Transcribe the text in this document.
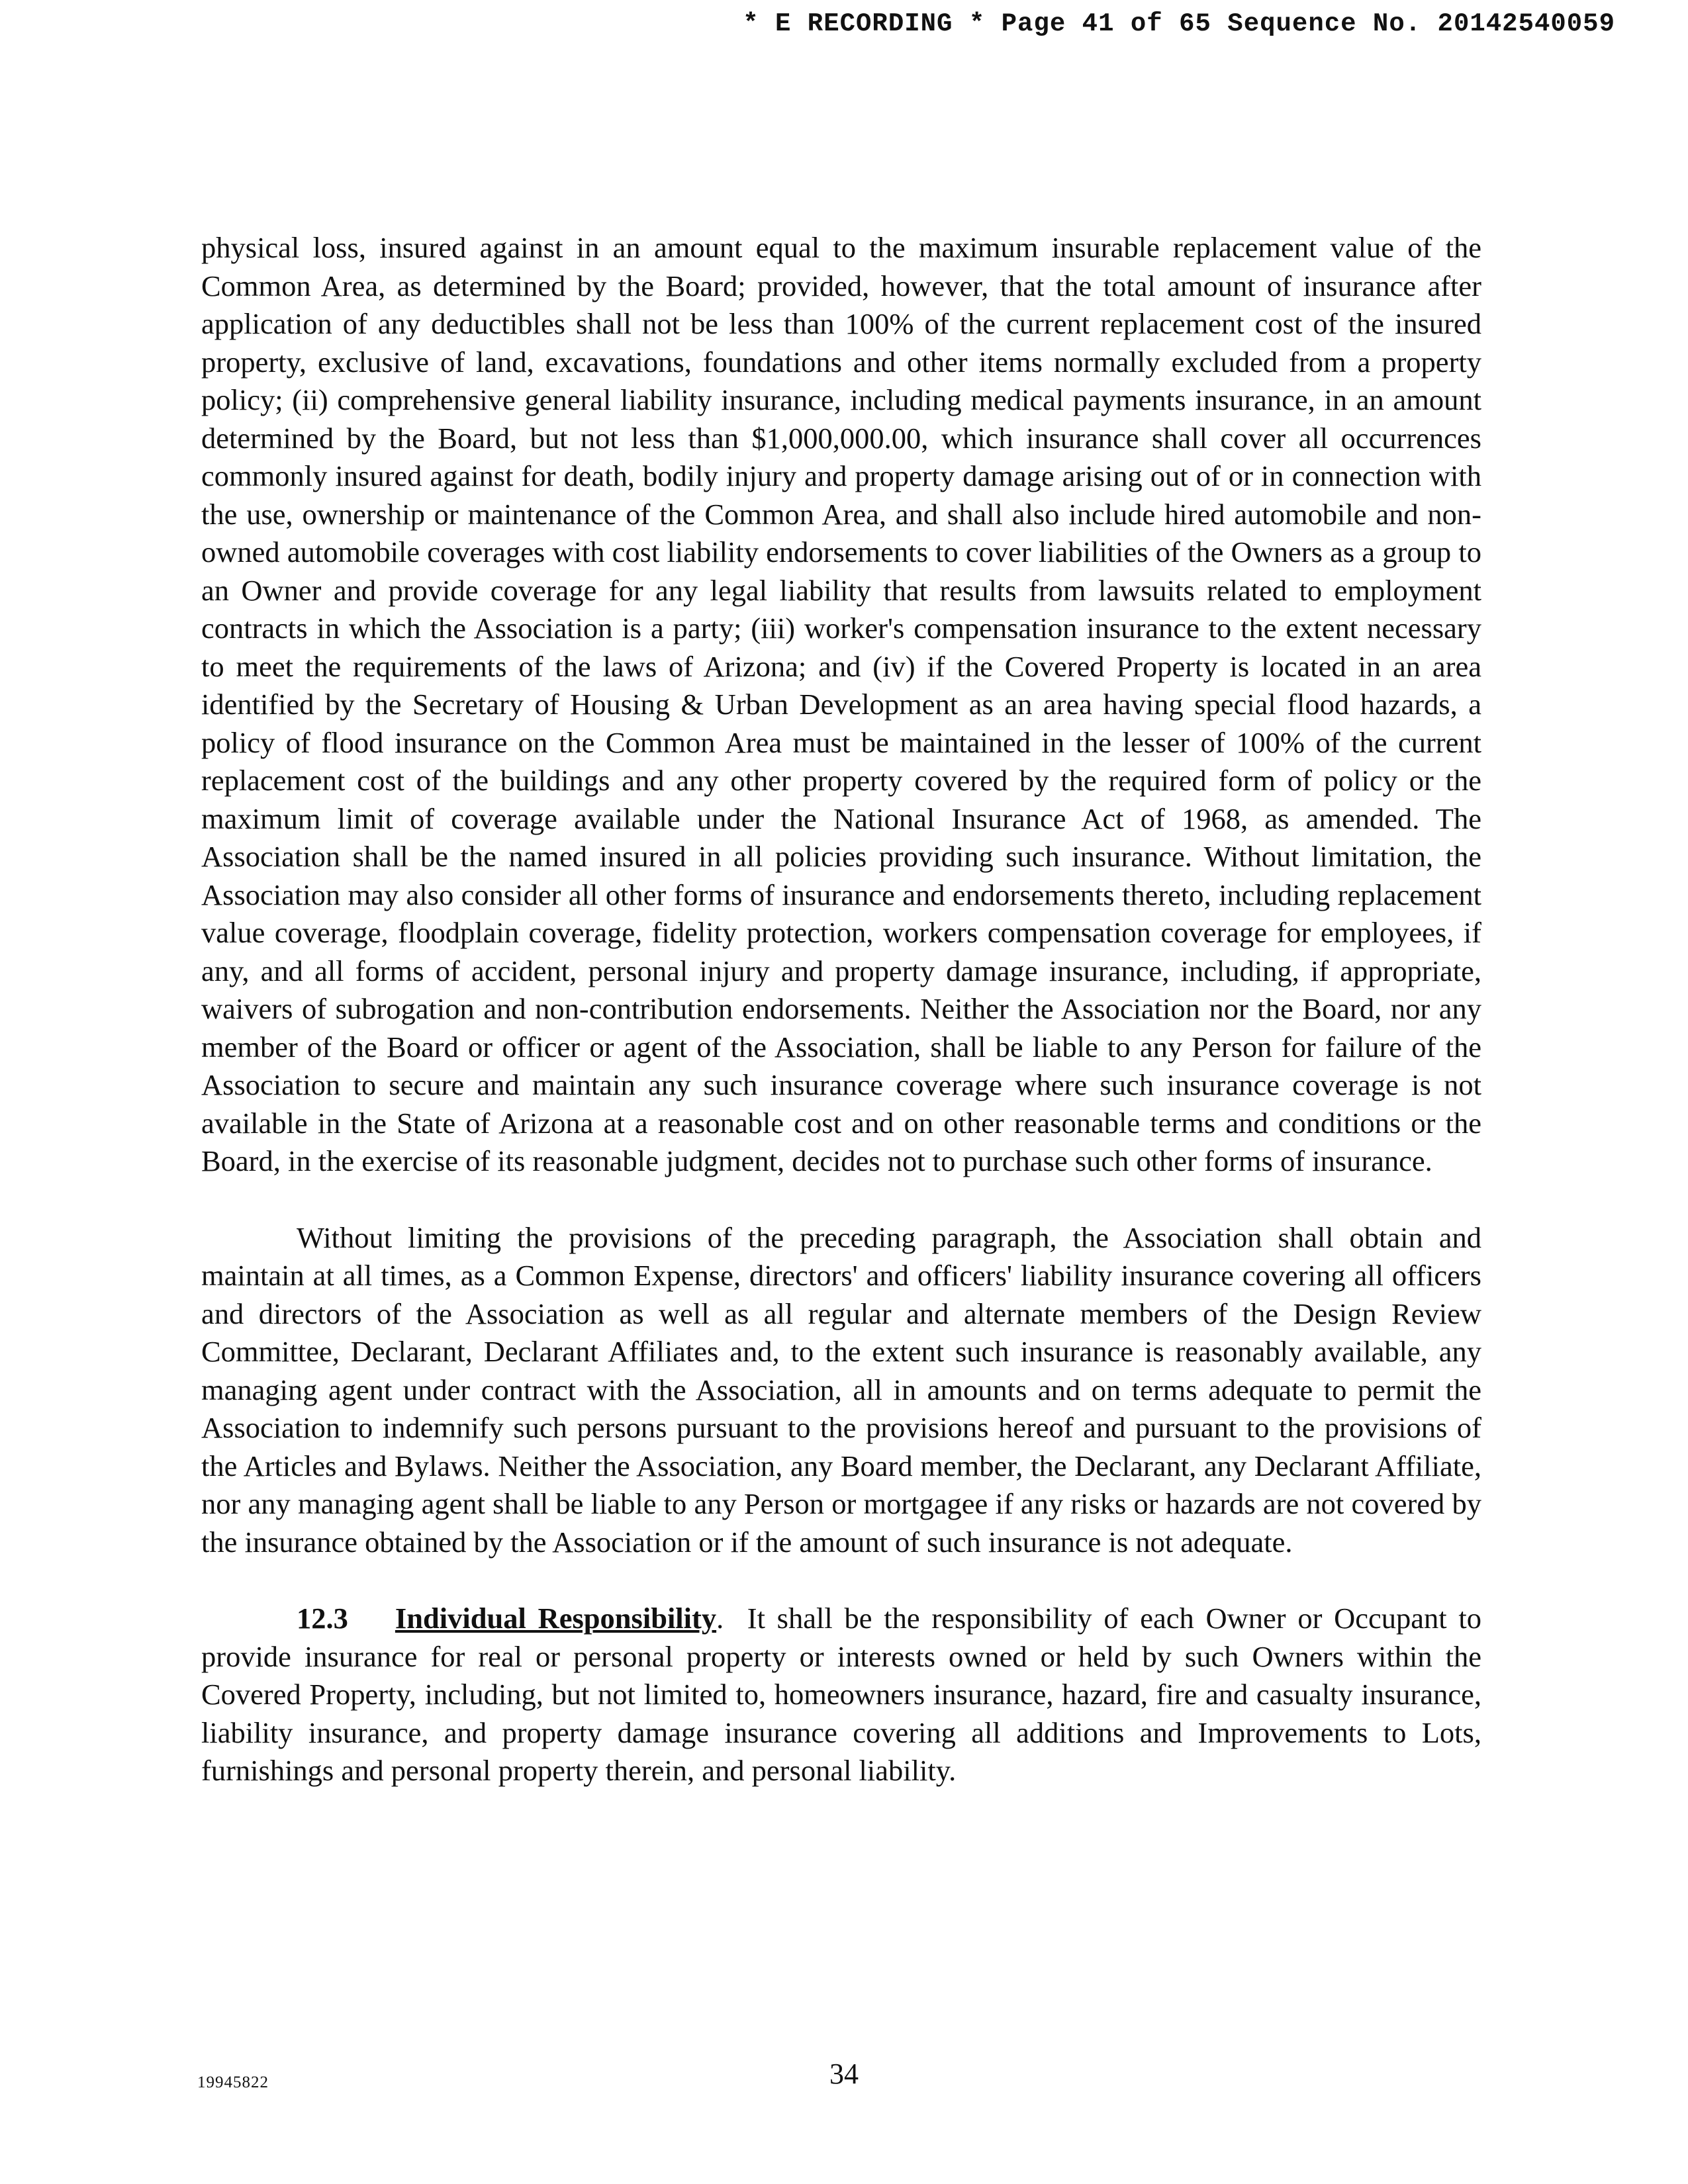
* E RECORDING * Page 41 of 65 Sequence No. 20142540059

physical loss, insured against in an amount equal to the maximum insurable replacement value of the Common Area, as determined by the Board; provided, however, that the total amount of insurance after application of any deductibles shall not be less than 100% of the current replacement cost of the insured property, exclusive of land, excavations, foundations and other items normally excluded from a property policy; (ii) comprehensive general liability insurance, including medical payments insurance, in an amount determined by the Board, but not less than $1,000,000.00, which insurance shall cover all occurrences commonly insured against for death, bodily injury and property damage arising out of or in connection with the use, ownership or maintenance of the Common Area, and shall also include hired automobile and non-owned automobile coverages with cost liability endorsements to cover liabilities of the Owners as a group to an Owner and provide coverage for any legal liability that results from lawsuits related to employment contracts in which the Association is a party; (iii) worker's compensation insurance to the extent necessary to meet the requirements of the laws of Arizona; and (iv) if the Covered Property is located in an area identified by the Secretary of Housing & Urban Development as an area having special flood hazards, a policy of flood insurance on the Common Area must be maintained in the lesser of 100% of the current replacement cost of the buildings and any other property covered by the required form of policy or the maximum limit of coverage available under the National Insurance Act of 1968, as amended. The Association shall be the named insured in all policies providing such insurance. Without limitation, the Association may also consider all other forms of insurance and endorsements thereto, including replacement value coverage, floodplain coverage, fidelity protection, workers compensation coverage for employees, if any, and all forms of accident, personal injury and property damage insurance, including, if appropriate, waivers of subrogation and non-contribution endorsements. Neither the Association nor the Board, nor any member of the Board or officer or agent of the Association, shall be liable to any Person for failure of the Association to secure and maintain any such insurance coverage where such insurance coverage is not available in the State of Arizona at a reasonable cost and on other reasonable terms and conditions or the Board, in the exercise of its reasonable judgment, decides not to purchase such other forms of insurance.

Without limiting the provisions of the preceding paragraph, the Association shall obtain and maintain at all times, as a Common Expense, directors' and officers' liability insurance covering all officers and directors of the Association as well as all regular and alternate members of the Design Review Committee, Declarant, Declarant Affiliates and, to the extent such insurance is reasonably available, any managing agent under contract with the Association, all in amounts and on terms adequate to permit the Association to indemnify such persons pursuant to the provisions hereof and pursuant to the provisions of the Articles and Bylaws. Neither the Association, any Board member, the Declarant, any Declarant Affiliate, nor any managing agent shall be liable to any Person or mortgagee if any risks or hazards are not covered by the insurance obtained by the Association or if the amount of such insurance is not adequate.

12.3 Individual Responsibility. It shall be the responsibility of each Owner or Occupant to provide insurance for real or personal property or interests owned or held by such Owners within the Covered Property, including, but not limited to, homeowners insurance, hazard, fire and casualty insurance, liability insurance, and property damage insurance covering all additions and Improvements to Lots, furnishings and personal property therein, and personal liability.

19945822	34
